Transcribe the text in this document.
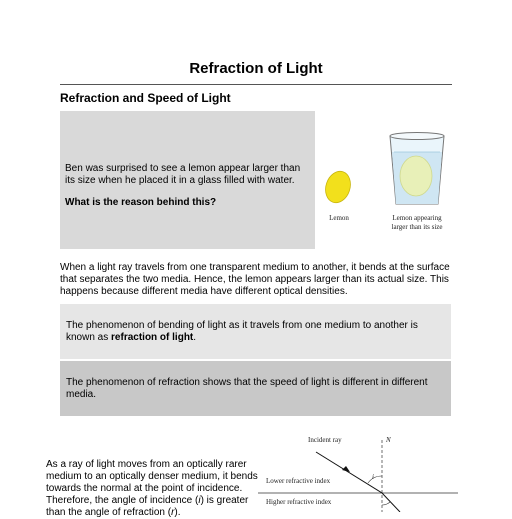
Refraction of Light
Refraction and Speed of Light

Ben was surprised to see a lemon appear larger than its size when he placed it in a glass filled with water.

What is the reason behind this?

Lemon	Lemon appearing
larger than its size

When a light ray travels from one transparent medium to another, it bends at the surface that separates the two media. Hence, the lemon appears larger than its actual size. This happens because different media have different optical densities.

The phenomenon of bending of light as it travels from one medium to another is known as refraction of light.
The phenomenon of refraction shows that the speed of light is different in different media.

As a ray of light moves from an optically rarer medium to an optically denser medium, it bends towards the normal at the point of incidence. Therefore, the angle of incidence (i) is greater than the angle of refraction (r).

Incident ray	N
i
Lower refractive index
Higher refractive index
